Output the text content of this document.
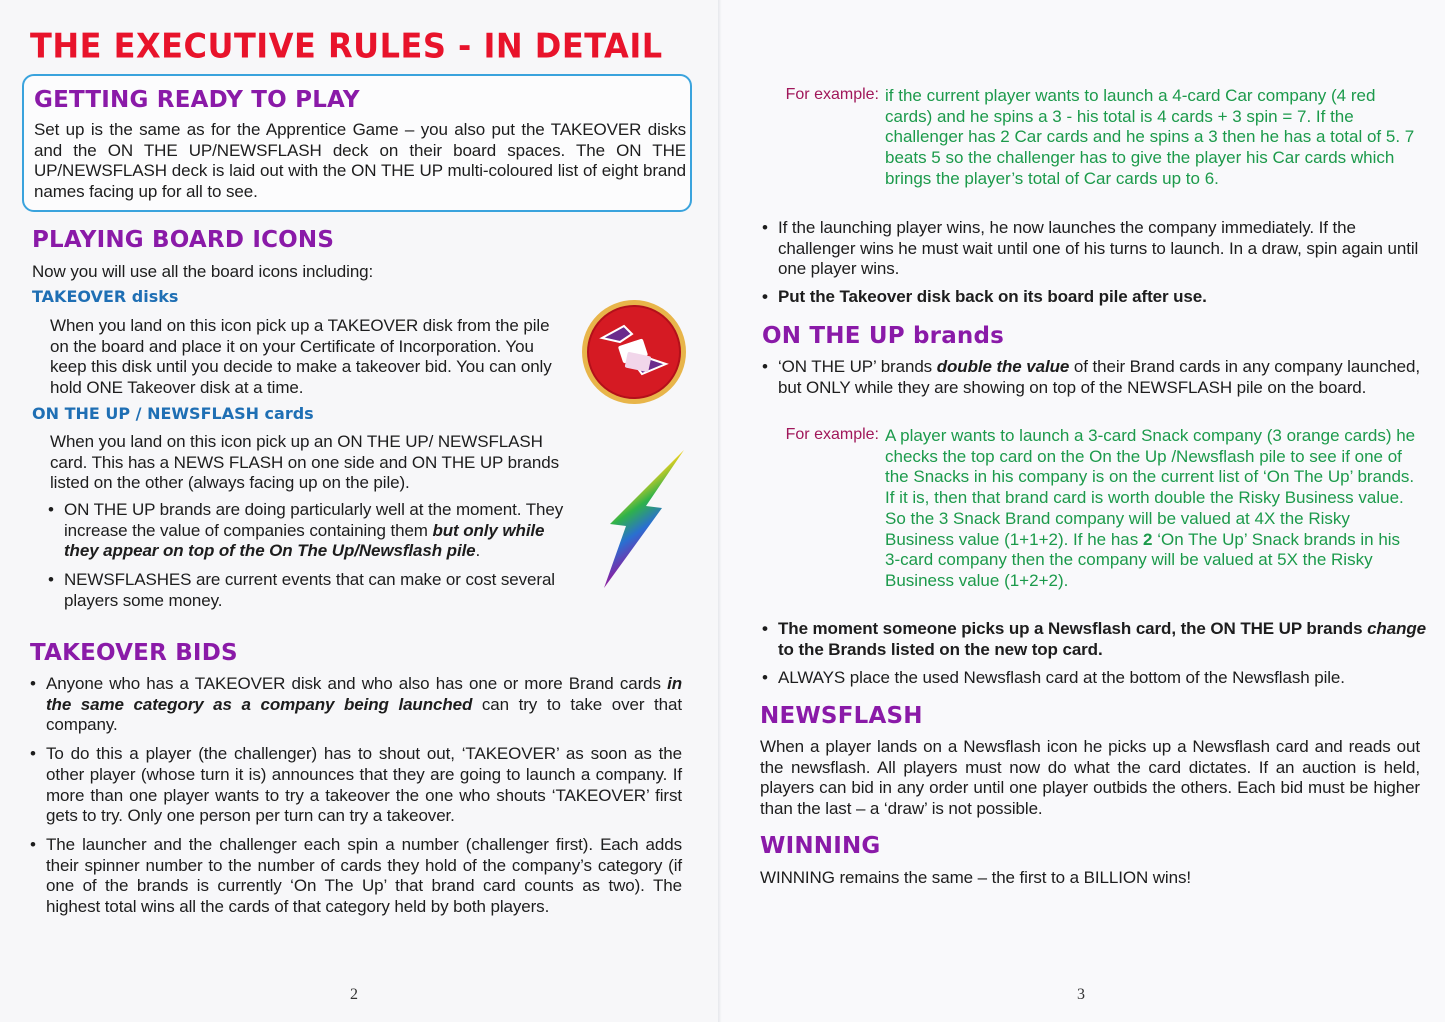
THE EXECUTIVE RULES - IN DETAIL
GETTING READY TO PLAY

Set up is the same as for the Apprentice Game – you also put the TAKEOVER disks and the ON THE UP/NEWSFLASH deck on their board spaces. The ON THE UP/NEWSFLASH deck is laid out with the ON THE UP multi-coloured list of eight brand names facing up for all to see.

PLAYING BOARD ICONS

Now you will use all the board icons including:

TAKEOVER disks

When you land on this icon pick up a TAKEOVER disk from the pile on the board and place it on your Certificate of Incorporation. You keep this disk until you decide to make a takeover bid. You can only hold ONE Takeover disk at a time.

ON THE UP / NEWSFLASH cards

When you land on this icon pick up an ON THE UP/ NEWSFLASH card. This has a NEWS FLASH on one side and ON THE UP brands listed on the other (always facing up on the pile).

• ON THE UP brands are doing particularly well at the moment. They increase the value of companies containing them but only while they appear on top of the On The Up/Newsflash pile.
• NEWSFLASHES are current events that can make or cost several players some money.
TAKEOVER BIDS
• Anyone who has a TAKEOVER disk and who also has one or more Brand cards in the same category as a company being launched can try to take over that company.
• To do this a player (the challenger) has to shout out, ‘TAKEOVER’ as soon as the other player (whose turn it is) announces that they are going to launch a company. If more than one player wants to try a takeover the one who shouts ‘TAKEOVER’ first gets to try. Only one person per turn can try a takeover.
• The launcher and the challenger each spin a number (challenger first). Each adds their spinner number to the number of cards they hold of the company’s category (if one of the brands is currently ‘On The Up’ that brand card counts as two). The highest total wins all the cards of that category held by both players.
2
For example: if the current player wants to launch a 4-card Car company (4 red cards) and he spins a 3 - his total is 4 cards + 3 spin = 7. If the challenger has 2 Car cards and he spins a 3 then he has a total of 5. 7 beats 5 so the challenger has to give the player his Car cards which brings the player’s total of Car cards up to 6.
• If the launching player wins, he now launches the company immediately. If the challenger wins he must wait until one of his turns to launch. In a draw, spin again until one player wins.
• Put the Takeover disk back on its board pile after use.
ON THE UP brands
• ‘ON THE UP’ brands double the value of their Brand cards in any company launched, but ONLY while they are showing on top of the NEWSFLASH pile on the board.
For example: A player wants to launch a 3-card Snack company (3 orange cards) he checks the top card on the On the Up /Newsflash pile to see if one of the Snacks in his company is on the current list of ‘On The Up’ brands. If it is, then that brand card is worth double the Risky Business value. So the 3 Snack Brand company will be valued at 4X the Risky Business value (1+1+2). If he has 2 ‘On The Up’ Snack brands in his 3-card company then the company will be valued at 5X the Risky Business value (1+2+2).
• The moment someone picks up a Newsflash card, the ON THE UP brands change to the Brands listed on the new top card.
• ALWAYS place the used Newsflash card at the bottom of the Newsflash pile.
NEWSFLASH

When a player lands on a Newsflash icon he picks up a Newsflash card and reads out the newsflash. All players must now do what the card dictates. If an auction is held, players can bid in any order until one player outbids the others. Each bid must be higher than the last – a ‘draw’ is not possible.

WINNING

WINNING remains the same – the first to a BILLION wins!

3
